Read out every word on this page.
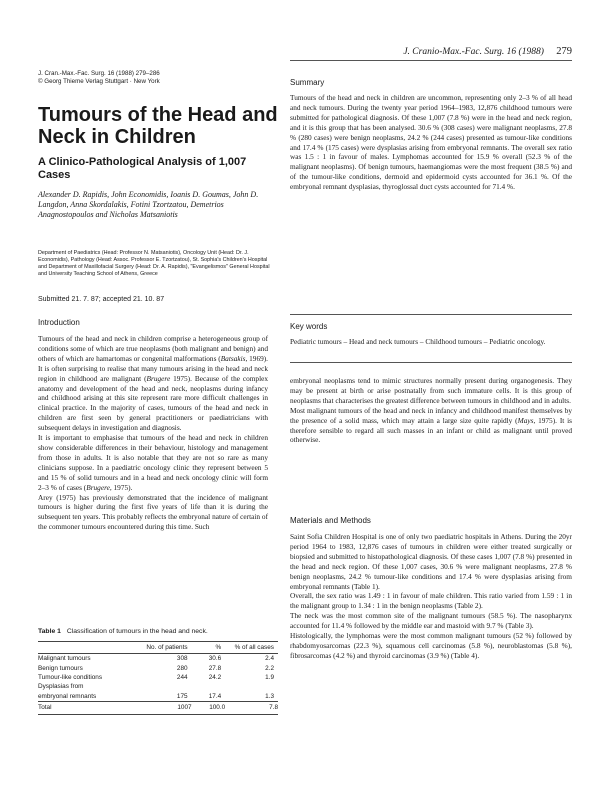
J. Cranio-Max.-Fac. Surg. 16 (1988) 279
J. Cran.-Max.-Fac. Surg. 16 (1988) 279–286
© Georg Thieme Verlag Stuttgart · New York
Tumours of the Head and Neck in Children
A Clinico-Pathological Analysis of 1,007 Cases
Alexander D. Rapidis, John Economidis, Ioanis D. Goumas, John D. Langdon, Anna Skordalakis, Fotini Tzortzatou, Demetrios Anagnostopoulos and Nicholas Matsaniotis
Department of Paediatrics (Head: Professor N. Matsaniotis), Oncology Unit (Head: Dr. J. Economidis), Pathology (Head: Assoc. Professor E. Tzortzatou), St. Sophia's Children's Hospital and Department of Maxillofacial Surgery (Head: Dr. A. Rapidis), "Evangelismos" General Hospital and University Teaching School of Athens, Greece
Submitted 21. 7. 87; accepted 21. 10. 87
Summary
Tumours of the head and neck in children are uncommon, representing only 2–3 % of all head and neck tumours. During the twenty year period 1964–1983, 12,876 childhood tumours were submitted for pathological diagnosis. Of these 1,007 (7.8 %) were in the head and neck region, and it is this group that has been analysed. 30.6 % (308 cases) were malignant neoplasms, 27.8 % (280 cases) were benign neoplasms, 24.2 % (244 cases) presented as tumour-like conditions and 17.4 % (175 cases) were dysplasias arising from embryonal remnants. The overall sex ratio was 1.5 : 1 in favour of males. Lymphomas accounted for 15.9 % overall (52.3 % of the malignant neoplasms). Of benign tumours, haemangiomas were the most frequent (38.5 %) and of the tumour-like conditions, dermoid and epidermoid cysts accounted for 36.1 %. Of the embryonal remnant dysplasias, thyroglossal duct cysts accounted for 71.4 %.
Key words
Pediatric tumours – Head and neck tumours – Childhood tumours – Pediatric oncology.
Introduction
Tumours of the head and neck in children comprise a heterogeneous group of conditions some of which are true neoplasms (both malignant and benign) and others of which are hamartomas or congenital malformations (Batsakis, 1969). It is often surprising to realise that many tumours arising in the head and neck region in childhood are malignant (Brugere 1975). Because of the complex anatomy and development of the head and neck, neoplasms during infancy and childhood arising at this site represent rare more difficult challenges in clinical practice. In the majority of cases, tumours of the head and neck in children are first seen by general practitioners or paediatricians with subsequent delays in investigation and diagnosis.
It is important to emphasise that tumours of the head and neck in children show considerable differences in their behaviour, histology and management from those in adults. It is also notable that they are not so rare as many clinicians suppose. In a paediatric oncology clinic they represent between 5 and 15 % of solid tumours and in a head and neck oncology clinic will form 2–3 % of cases (Brugere, 1975).
Arey (1975) has previously demonstrated that the incidence of malignant tumours is higher during the first five years of life than it is during the subsequent ten years. This probably reflects the embryonal nature of certain of the commoner tumours encountered during this time. Such
embryonal neoplasms tend to mimic structures normally present during organogenesis. They may be present at birth or arise postnatally from such immature cells. It is this group of neoplasms that characterises the greatest difference between tumours in childhood and in adults.
Most malignant tumours of the head and neck in infancy and childhood manifest themselves by the presence of a solid mass, which may attain a large size quite rapidly (Mays, 1975). It is therefore sensible to regard all such masses in an infant or child as malignant until proved otherwise.
Materials and Methods
Saint Sofia Children Hospital is one of only two paediatric hospitals in Athens. During the 20yr period 1964 to 1983, 12,876 cases of tumours in children were either treated surgically or biopsied and submitted to histopathological diagnosis. Of these cases 1,007 (7.8 %) presented in the head and neck region. Of these 1,007 cases, 30.6 % were malignant neoplasms, 27.8 % benign neoplasms, 24.2 % tumour-like conditions and 17.4 % were dysplasias arising from embryonal remnants (Table 1).
Overall, the sex ratio was 1.49 : 1 in favour of male children. This ratio varied from 1.59 : 1 in the malignant group to 1.34 : 1 in the benign neoplasms (Table 2).
The neck was the most common site of the malignant tumours (58.5 %). The nasopharynx accounted for 11.4 % followed by the middle ear and mastoid with 9.7 % (Table 3).
Histologically, the lymphomas were the most common malignant tumours (52 %) followed by rhabdomyosarcomas (22.3 %), squamous cell carcinomas (5.8 %), neuroblastomas (5.8 %), fibrosarcomas (4.2 %) and thyroid carcinomas (3.9 %) (Table 4).
Table 1 Classification of tumours in the head and neck.
	No. of patients	%	% of all cases
Malignant tumours	308	30.6	2.4
Benign tumours	280	27.8	2.2
Tumour-like conditions	244	24.2	1.9
Dysplasias from			
embryonal remnants	175	17.4	1.3
Total	1007	100.0	7.8
